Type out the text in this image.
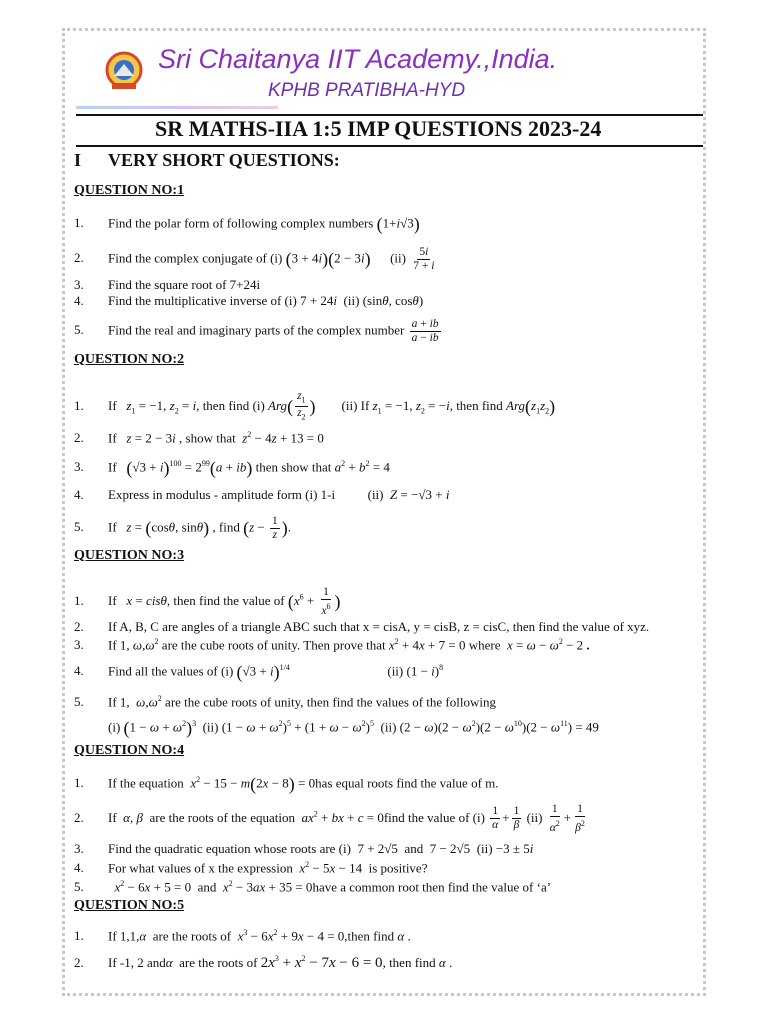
Sri Chaitanya IIT Academy.,India.
KPHB PRATIBHA-HYD
SR MATHS-IIA 1:5 IMP QUESTIONS 2023-24
I VERY SHORT QUESTIONS:
QUESTION NO:1
1. Find the polar form of following complex numbers (1+i√3)
2. Find the complex conjugate of (i) (3 + 4i)(2 − 3i) $(ii) \frac{5i}{7 + i}$
3. Find the square root of 7+24i
4. Find the multiplicative inverse of (i) 7 + 24i (ii) (sinθ, cosθ)
5. Find the real and imaginary parts of the complex number $\frac{a + ib}{a - ib}$
QUESTION NO:2
1. If $z_1 = -1$, $z_2 = i$, then find (i) $Arg( \frac{z_1}{z_2}$ ) (ii) If $z_1 = -1$, $z_2 = -i$, then find $Arg(z_1z_2)$
2. If z = 2 − 3i , show that $z^2 - 4z + 13 = 0$
3. If $(√3 + i)^{100} = 2^{99}(a + ib)$ then show that $a^2 + b^2 = 4$
4. Express in modulus - amplitude form (i) 1-i	(ii) Z = −√3 + i
5. If z = (cosθ, sinθ) , find ($z - \frac{1}{z}$ ).
QUESTION NO:3
1. If x = cisθ, then find the value of ($x^6 + \frac{1}{x^6}$ )
2. If A, B, C are angles of a triangle ABC such that x = cisA, y = cisB, z = cisC, then find the value of xyz.
3. If 1, $\omega,\omega^2$ are the cube roots of unity. Then prove that $x^2 + 4x + 7 = 0$ where $x = \omega - \omega^2 - 2$ .
4. Find all the values of (i) $(√3 + i)^{1/4}$	(ii) $(1 - i)^8$
5. If 1, $\omega,\omega^2$ are the cube roots of unity, then find the values of the following
(i) $(1 - \omega + \omega^2)^3$  (ii) $(1 - \omega + \omega^2)^5 + (1 + \omega - \omega^2)^5$  (ii) $(2 - \omega)(2 - \omega^2)(2 - \omega^{10})(2 - \omega^{11}) = 49$
QUESTION NO:4
1. If the equation $x^2 - 15 - m(2x - 8) = 0has$ equal roots find the value of m.
2. If α, β are the roots of the equation $ax^2$ + bx + c = 0find the value of $(i) \frac{1}{\alpha} + \frac{1}{\beta} (ii) \frac{1}{\alpha^2} + \frac{1}{\beta^2}$
3. Find the quadratic equation whose roots are (i)  7 + 2√5  and  7 − 2√5  (ii) −3 ± 5i
4. For what values of x the expression $x^2 - 5x - 14$  is positive?
5. $x^2 - 6x + 5 = 0$  and $x^2 - 3ax + 35$ = 0have a common root then find the value of ‘a’
QUESTION NO:5
1. If 1,1,α are the roots of $x^3 - 6x^2 + 9x - 4$ = 0,then find α .
2. If -1, 2 andα are the roots of $2x^3 + x^2 - 7x - 6 = 0$, then find α .
